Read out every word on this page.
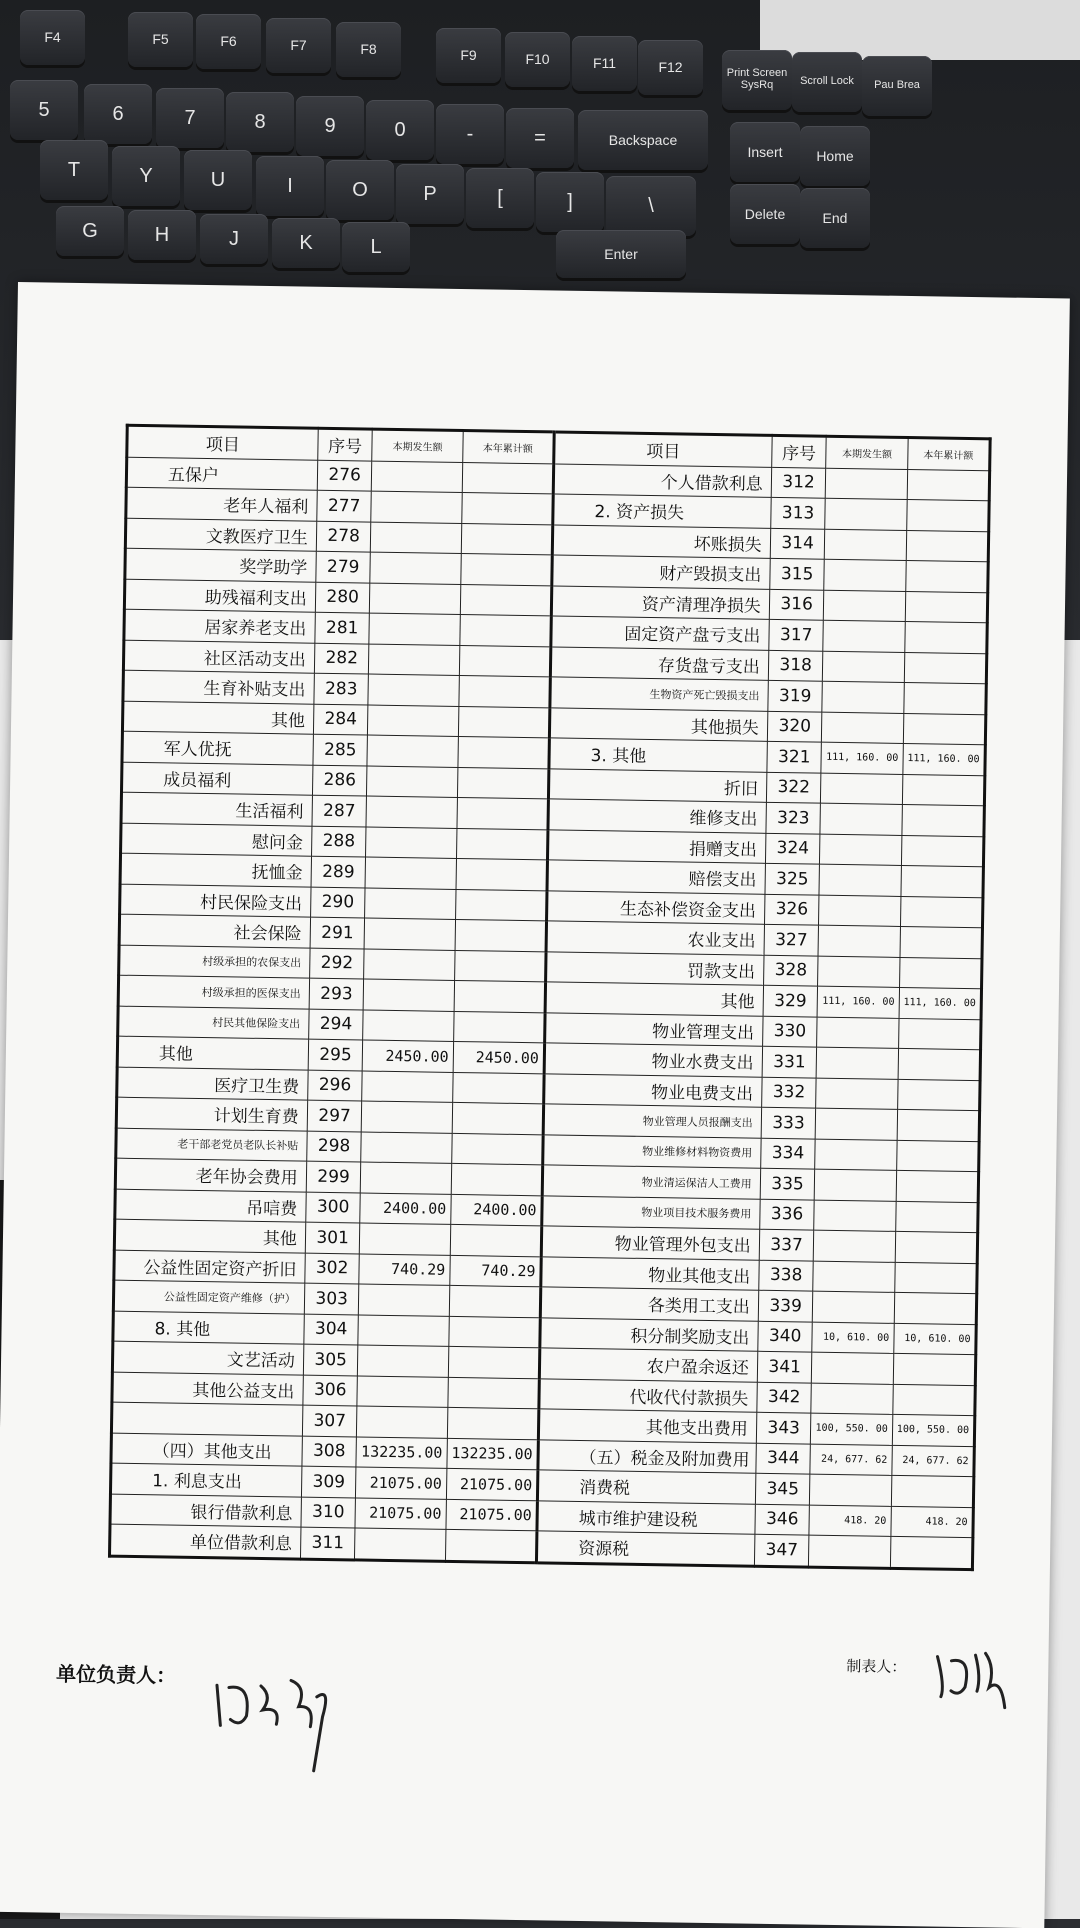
F4	F5	F6	F7	F8	F9	F10	F11	F12	Print Screen SysRq	Scroll Lock	Pau Brea
5	6	7	8	9	0	-	=	Backspace
Insert	Home
T	Y	U	I	O	P	[	]	\	Delete	End
G	H	J	K	L	Enter
项目	序号	本期发生额	本年累计额	项目	序号	本期发生额	本年累计额
五保户	276			个人借款利息	312		
老年人福利	277			2. 资产损失	313		
文教医疗卫生	278			坏账损失	314		
奖学助学	279			财产毁损支出	315		
助残福利支出	280			资产清理净损失	316		
居家养老支出	281			固定资产盘亏支出	317		
社区活动支出	282			存货盘亏支出	318		
生育补贴支出	283			生物资产死亡毁损支出	319		
其他	284			其他损失	320		
军人优抚	285			3. 其他	321	111, 160. 00	111, 160. 00
成员福利	286			折旧	322		
生活福利	287			维修支出	323		
慰问金	288			捐赠支出	324		
抚恤金	289			赔偿支出	325		
村民保险支出	290			生态补偿资金支出	326		
社会保险	291			农业支出	327		
村级承担的农保支出	292			罚款支出	328		
村级承担的医保支出	293			其他	329	111, 160. 00	111, 160. 00
村民其他保险支出	294			物业管理支出	330		
其他	295	2450.00	2450.00	物业水费支出	331		
医疗卫生费	296			物业电费支出	332		
计划生育费	297			物业管理人员报酬支出	333		
老干部老党员老队长补贴	298			物业维修材料物资费用	334		
老年协会费用	299			物业清运保洁人工费用	335		
吊唁费	300	2400.00	2400.00	物业项目技术服务费用	336		
其他	301			物业管理外包支出	337		
公益性固定资产折旧	302	740.29	740.29	物业其他支出	338		
公益性固定资产维修（护）	303			各类用工支出	339		
8. 其他	304			积分制奖励支出	340	10, 610. 00	10, 610. 00
文艺活动	305			农户盈余返还	341		
其他公益支出	306			代收代付款损失	342		
	307			其他支出费用	343	100, 550. 00	100, 550. 00
（四）其他支出	308	132235.00	132235.00	（五）税金及附加费用	344	24, 677. 62	24, 677. 62
1. 利息支出	309	21075.00	21075.00	消费税	345		
银行借款利息	310	21075.00	21075.00	城市维护建设税	346	418. 20	418. 20
单位借款利息	311			资源税	347		
单位负责人：	制表人：
